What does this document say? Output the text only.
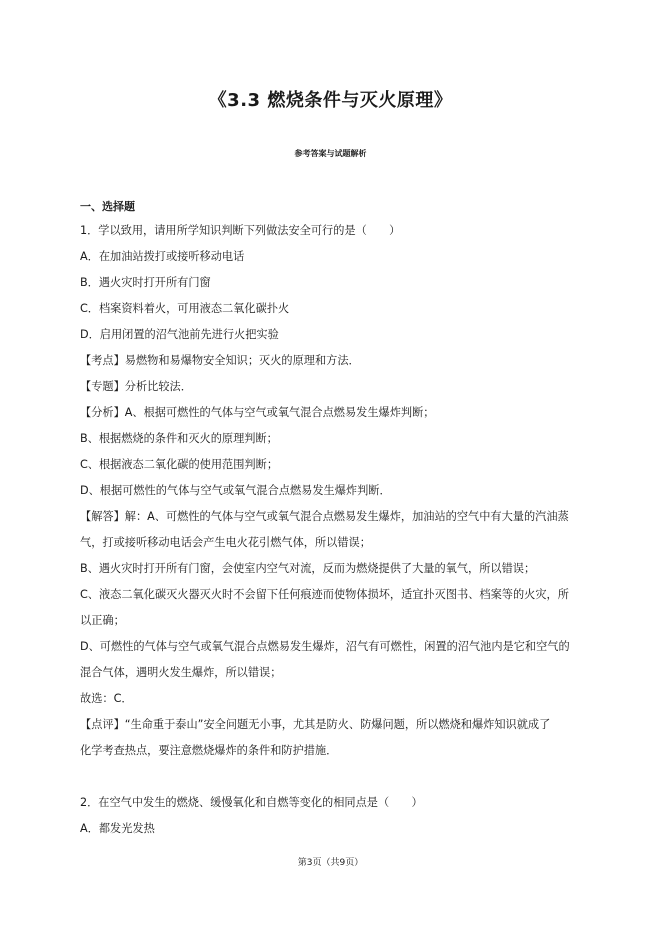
《3.3 燃烧条件与灭火原理》
参考答案与试题解析
一、选择题
1．学以致用，请用所学知识判断下列做法安全可行的是（　　）
A．在加油站拨打或接听移动电话
B．遇火灾时打开所有门窗
C．档案资料着火，可用液态二氧化碳扑火
D．启用闭置的沼气池前先进行火把实验
【考点】易燃物和易爆物安全知识；灭火的原理和方法．
【专题】分析比较法．
【分析】A、根据可燃性的气体与空气或氧气混合点燃易发生爆炸判断；
B、根据燃烧的条件和灭火的原理判断；
C、根据液态二氧化碳的使用范围判断；
D、根据可燃性的气体与空气或氧气混合点燃易发生爆炸判断．
【解答】解：A、可燃性的气体与空气或氧气混合点燃易发生爆炸，加油站的空气中有大量的汽油蒸
气，打或接听移动电话会产生电火花引燃气体，所以错误；
B、遇火灾时打开所有门窗，会使室内空气对流，反而为燃烧提供了大量的氧气，所以错误；
C、液态二氧化碳灭火器灭火时不会留下任何痕迹而使物体损坏，适宜扑灭图书、档案等的火灾，所
以正确；
D、可燃性的气体与空气或氧气混合点燃易发生爆炸，沼气有可燃性，闲置的沼气池内是它和空气的
混合气体，遇明火发生爆炸，所以错误；
故选：C．
【点评】“生命重于泰山”安全问题无小事，尤其是防火、防爆问题，所以燃烧和爆炸知识就成了
化学考查热点，要注意燃烧爆炸的条件和防护措施．
2．在空气中发生的燃烧、缓慢氧化和自燃等变化的相同点是（　　）
A．都发光发热
第3页（共9页）
